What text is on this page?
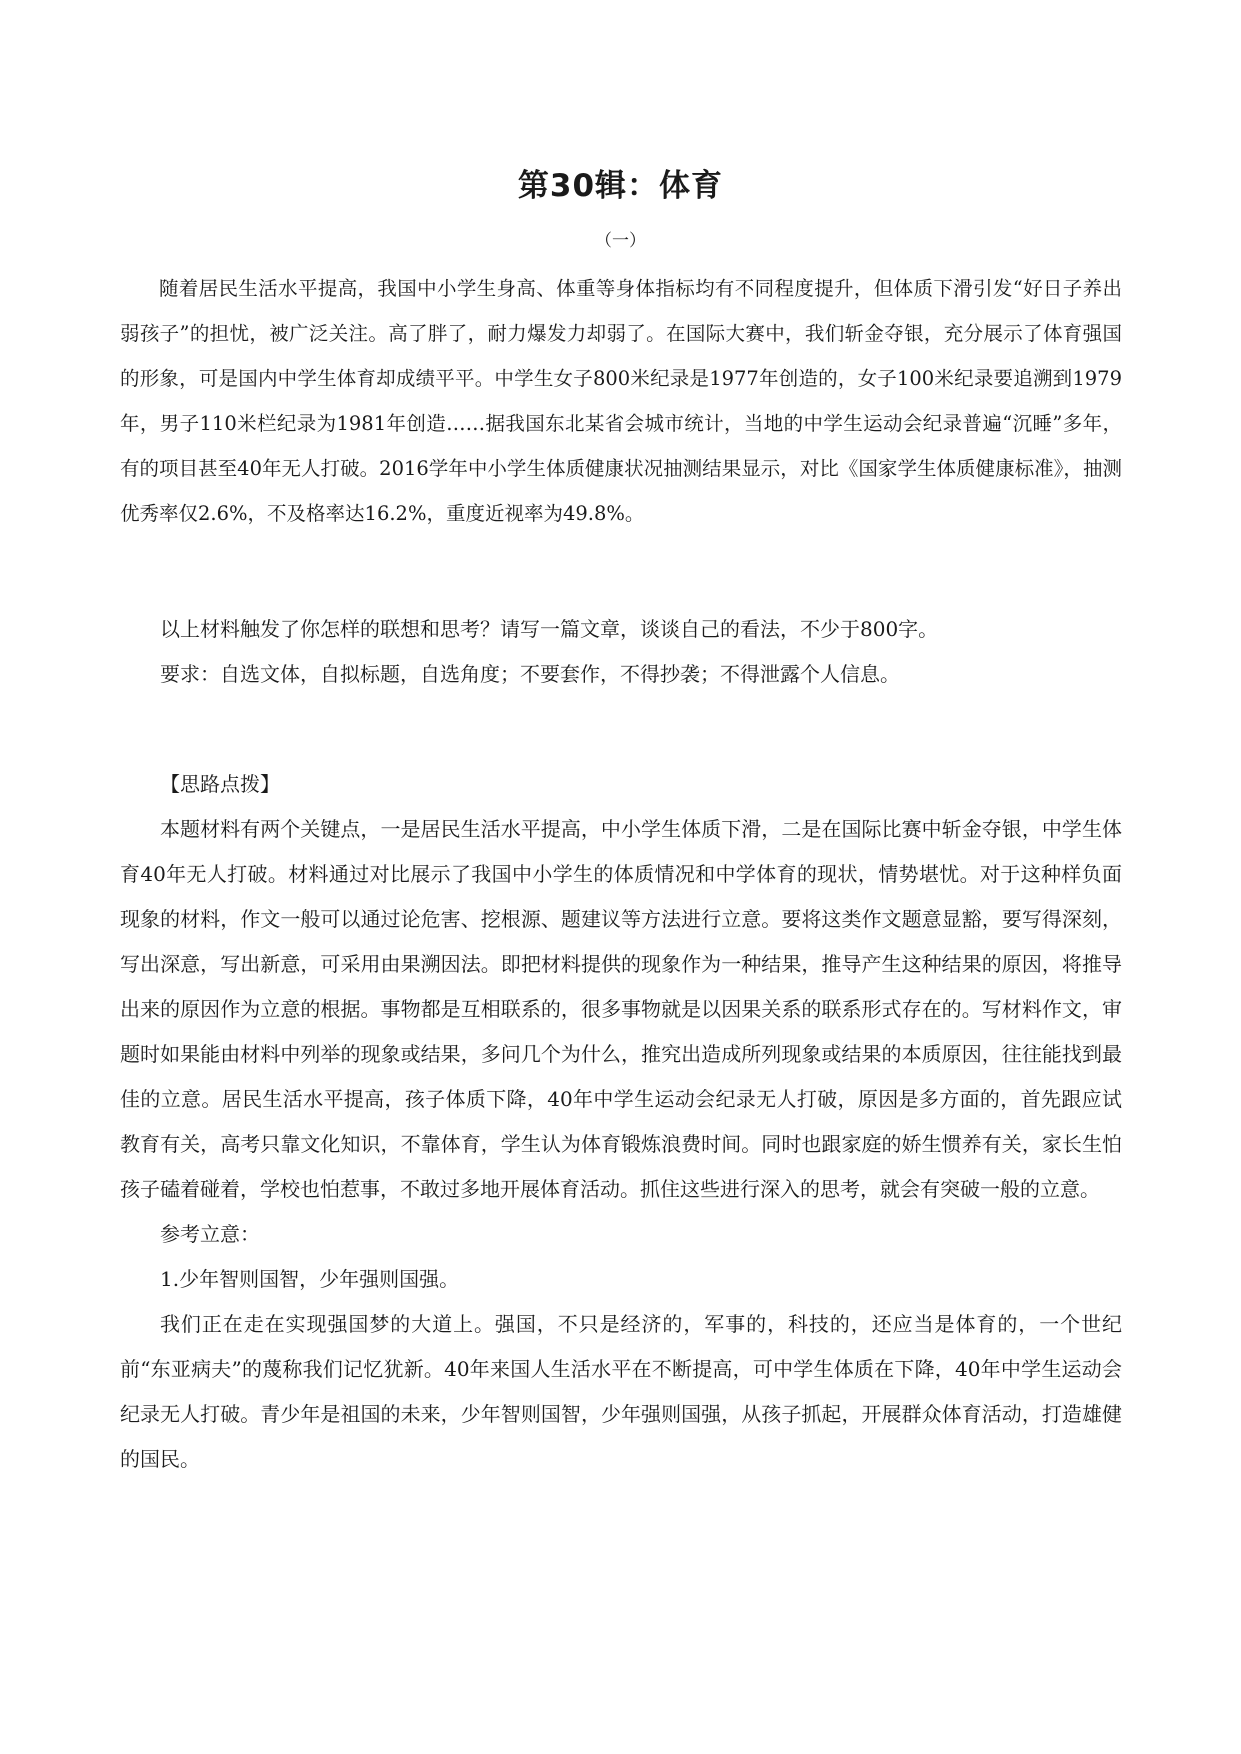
第30辑：体育
（一）

随着居民生活水平提高，我国中小学生身高、体重等身体指标均有不同程度提升，但体质下滑引发“好日子养出弱孩子”的担忧，被广泛关注。高了胖了，耐力爆发力却弱了。在国际大赛中，我们斩金夺银，充分展示了体育强国的形象，可是国内中学生体育却成绩平平。中学生女子800米纪录是1977年创造的，女子100米纪录要追溯到1979年，男子110米栏纪录为1981年创造……据我国东北某省会城市统计，当地的中学生运动会纪录普遍“沉睡”多年，有的项目甚至40年无人打破。2016学年中小学生体质健康状况抽测结果显示，对比《国家学生体质健康标准》，抽测优秀率仅2.6%，不及格率达16.2%，重度近视率为49.8%。

以上材料触发了你怎样的联想和思考？请写一篇文章，谈谈自己的看法，不少于800字。

要求：自选文体，自拟标题，自选角度；不要套作，不得抄袭；不得泄露个人信息。

【思路点拨】

本题材料有两个关键点，一是居民生活水平提高，中小学生体质下滑，二是在国际比赛中斩金夺银，中学生体育40年无人打破。材料通过对比展示了我国中小学生的体质情况和中学体育的现状，情势堪忧。对于这种样负面现象的材料，作文一般可以通过论危害、挖根源、题建议等方法进行立意。要将这类作文题意显豁，要写得深刻，写出深意，写出新意，可采用由果溯因法。即把材料提供的现象作为一种结果，推导产生这种结果的原因，将推导出来的原因作为立意的根据。事物都是互相联系的，很多事物就是以因果关系的联系形式存在的。写材料作文，审题时如果能由材料中列举的现象或结果，多问几个为什么，推究出造成所列现象或结果的本质原因，往往能找到最佳的立意。居民生活水平提高，孩子体质下降，40年中学生运动会纪录无人打破，原因是多方面的，首先跟应试教育有关，高考只靠文化知识，不靠体育，学生认为体育锻炼浪费时间。同时也跟家庭的娇生惯养有关，家长生怕孩子磕着碰着，学校也怕惹事，不敢过多地开展体育活动。抓住这些进行深入的思考，就会有突破一般的立意。

参考立意：

1.少年智则国智，少年强则国强。

我们正在走在实现强国梦的大道上。强国，不只是经济的，军事的，科技的，还应当是体育的，一个世纪前“东亚病夫”的蔑称我们记忆犹新。40年来国人生活水平在不断提高，可中学生体质在下降，40年中学生运动会纪录无人打破。青少年是祖国的未来，少年智则国智，少年强则国强，从孩子抓起，开展群众体育活动，打造雄健的国民。
